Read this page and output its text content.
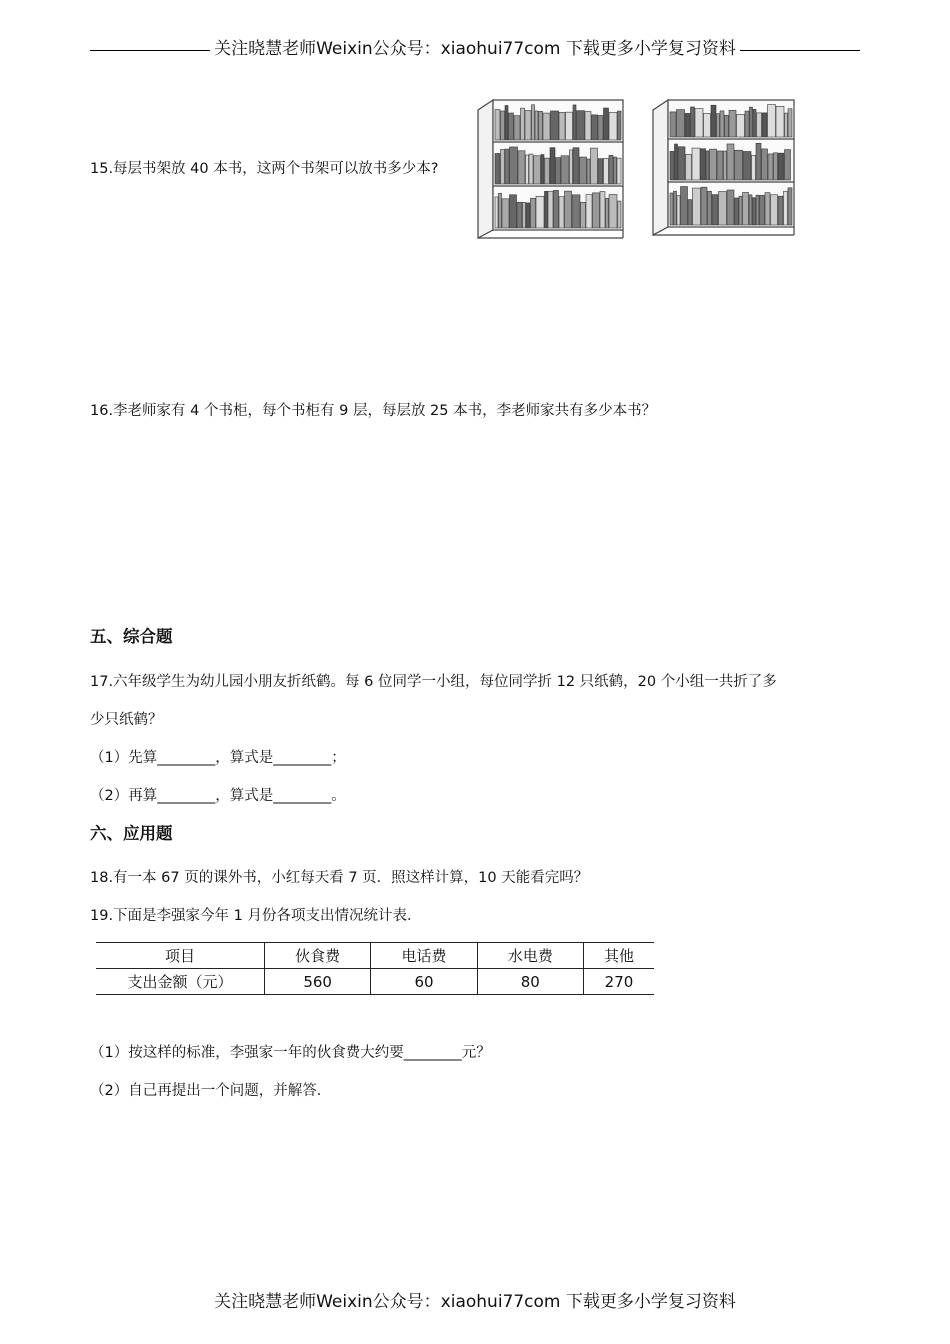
关注晓慧老师Weixin公众号：xiaohui77com 下载更多小学复习资料
15.每层书架放 40 本书，这两个书架可以放书多少本?
16.李老师家有 4 个书柜，每个书柜有 9 层，每层放 25 本书，李老师家共有多少本书？
五、综合题
17.六年级学生为幼儿园小朋友折纸鹤。每 6 位同学一小组，每位同学折 12 只纸鹤，20 个小组一共折了多
少只纸鹤？
（1）先算________，算式是________；
（2）再算________，算式是________。
六、应用题
18.有一本 67 页的课外书，小红每天看 7 页．照这样计算，10 天能看完吗？
19.下面是李强家今年 1 月份各项支出情况统计表．
项目	伙食费	电话费	水电费	其他
支出金额（元）	560	60	80	270
（1）按这样的标准，李强家一年的伙食费大约要________元？
（2）自己再提出一个问题，并解答．
关注晓慧老师Weixin公众号：xiaohui77com 下载更多小学复习资料
